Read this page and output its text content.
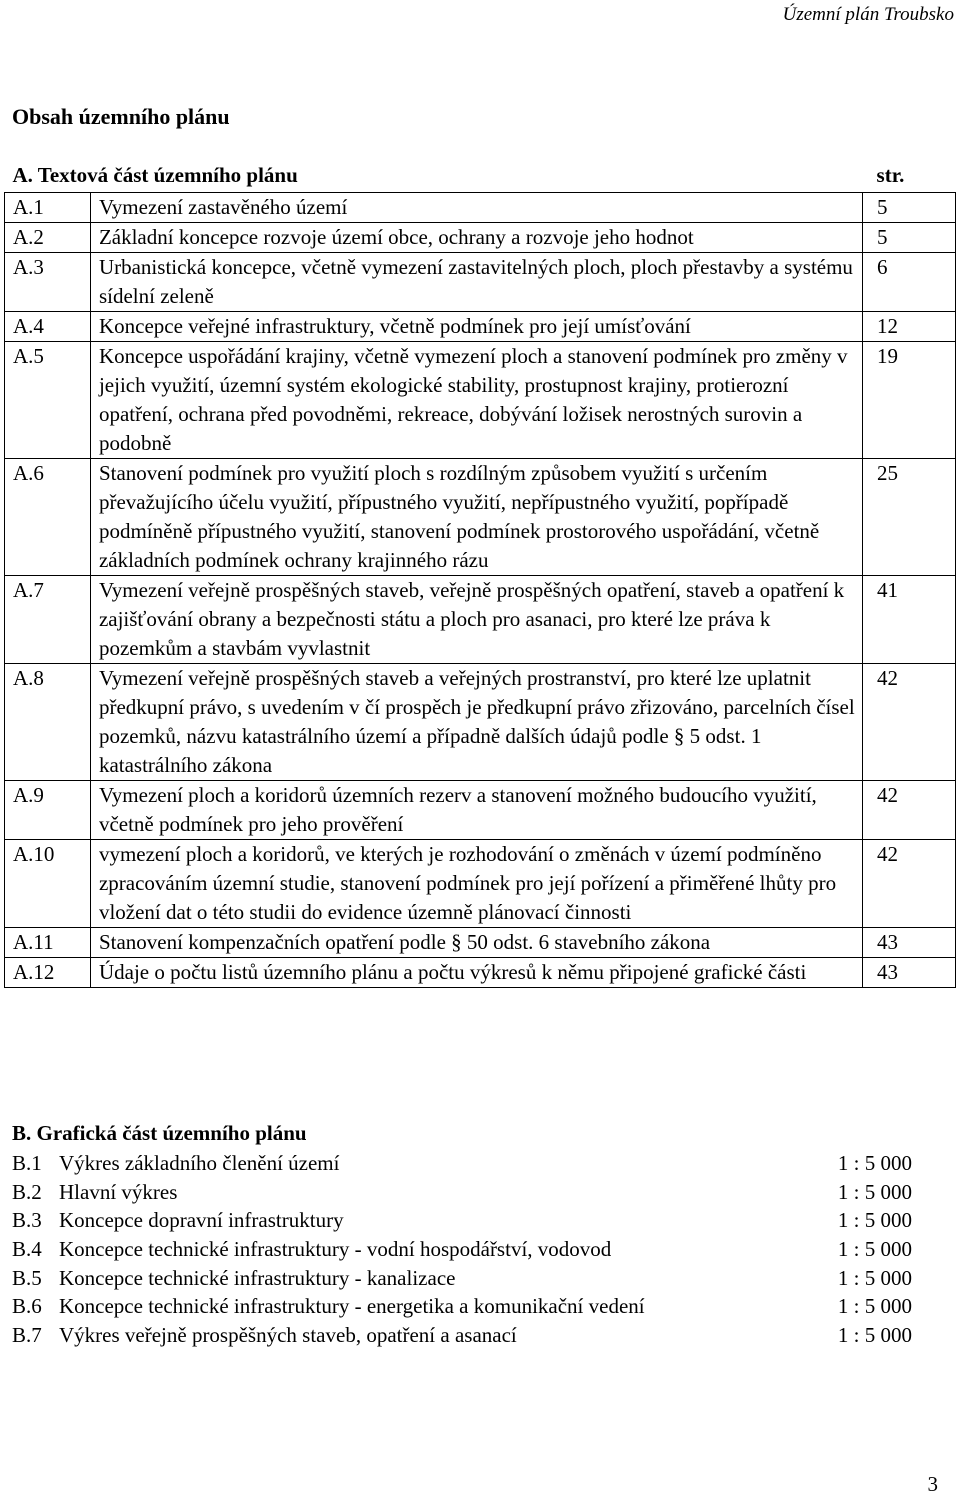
Územní plán Troubsko
Obsah územního plánu
A. Textová část územního plánu		str.
A.1	Vymezení zastavěného území	5
A.2	Základní koncepce rozvoje území obce, ochrany a rozvoje jeho hodnot	5
A.3	Urbanistická koncepce, včetně vymezení zastavitelných ploch, ploch přestavby a systému sídelní zeleně	6
A.4	Koncepce veřejné infrastruktury, včetně podmínek pro její umísťování	12
A.5	Koncepce uspořádání krajiny, včetně vymezení ploch a stanovení podmínek pro změny v jejich využití, územní systém ekologické stability, prostupnost krajiny, protierozní opatření, ochrana před povodněmi, rekreace, dobývání ložisek nerostných surovin a podobně	19
A.6	Stanovení podmínek pro využití ploch s rozdílným způsobem využití s určením převažujícího účelu využití, přípustného využití, nepřípustného využití, popřípadě podmíněně přípustného využití, stanovení podmínek prostorového uspořádání, včetně základních podmínek ochrany krajinného rázu	25
A.7	Vymezení veřejně prospěšných staveb, veřejně prospěšných opatření, staveb a opatření k zajišťování obrany a bezpečnosti státu a ploch pro asanaci, pro které lze práva k pozemkům a stavbám vyvlastnit	41
A.8	Vymezení veřejně prospěšných staveb a veřejných prostranství, pro které lze uplatnit předkupní právo, s uvedením v čí prospěch je předkupní právo zřizováno, parcelních čísel pozemků, názvu katastrálního území a případně dalších údajů podle § 5 odst. 1 katastrálního zákona	42
A.9	Vymezení ploch a koridorů územních rezerv a stanovení možného budoucího využití, včetně podmínek pro jeho prověření	42
A.10	vymezení ploch a koridorů, ve kterých je rozhodování o změnách v území podmíněno zpracováním územní studie, stanovení podmínek pro její pořízení a přiměřené lhůty pro vložení dat o této studii do evidence územně plánovací činnosti	42
A.11	Stanovení kompenzačních opatření podle § 50 odst. 6 stavebního zákona	43
A.12	Údaje o počtu listů územního plánu a počtu výkresů k němu připojené grafické části	43
B. Grafická část územního plánu
B.1 Výkres základního členění území	1 : 5 000
B.2 Hlavní výkres	1 : 5 000
B.3 Koncepce dopravní infrastruktury	1 : 5 000
B.4 Koncepce technické infrastruktury - vodní hospodářství, vodovod	1 : 5 000
B.5 Koncepce technické infrastruktury - kanalizace	1 : 5 000
B.6 Koncepce technické infrastruktury - energetika a komunikační vedení	1 : 5 000
B.7 Výkres veřejně prospěšných staveb, opatření a asanací	1 : 5 000
3
